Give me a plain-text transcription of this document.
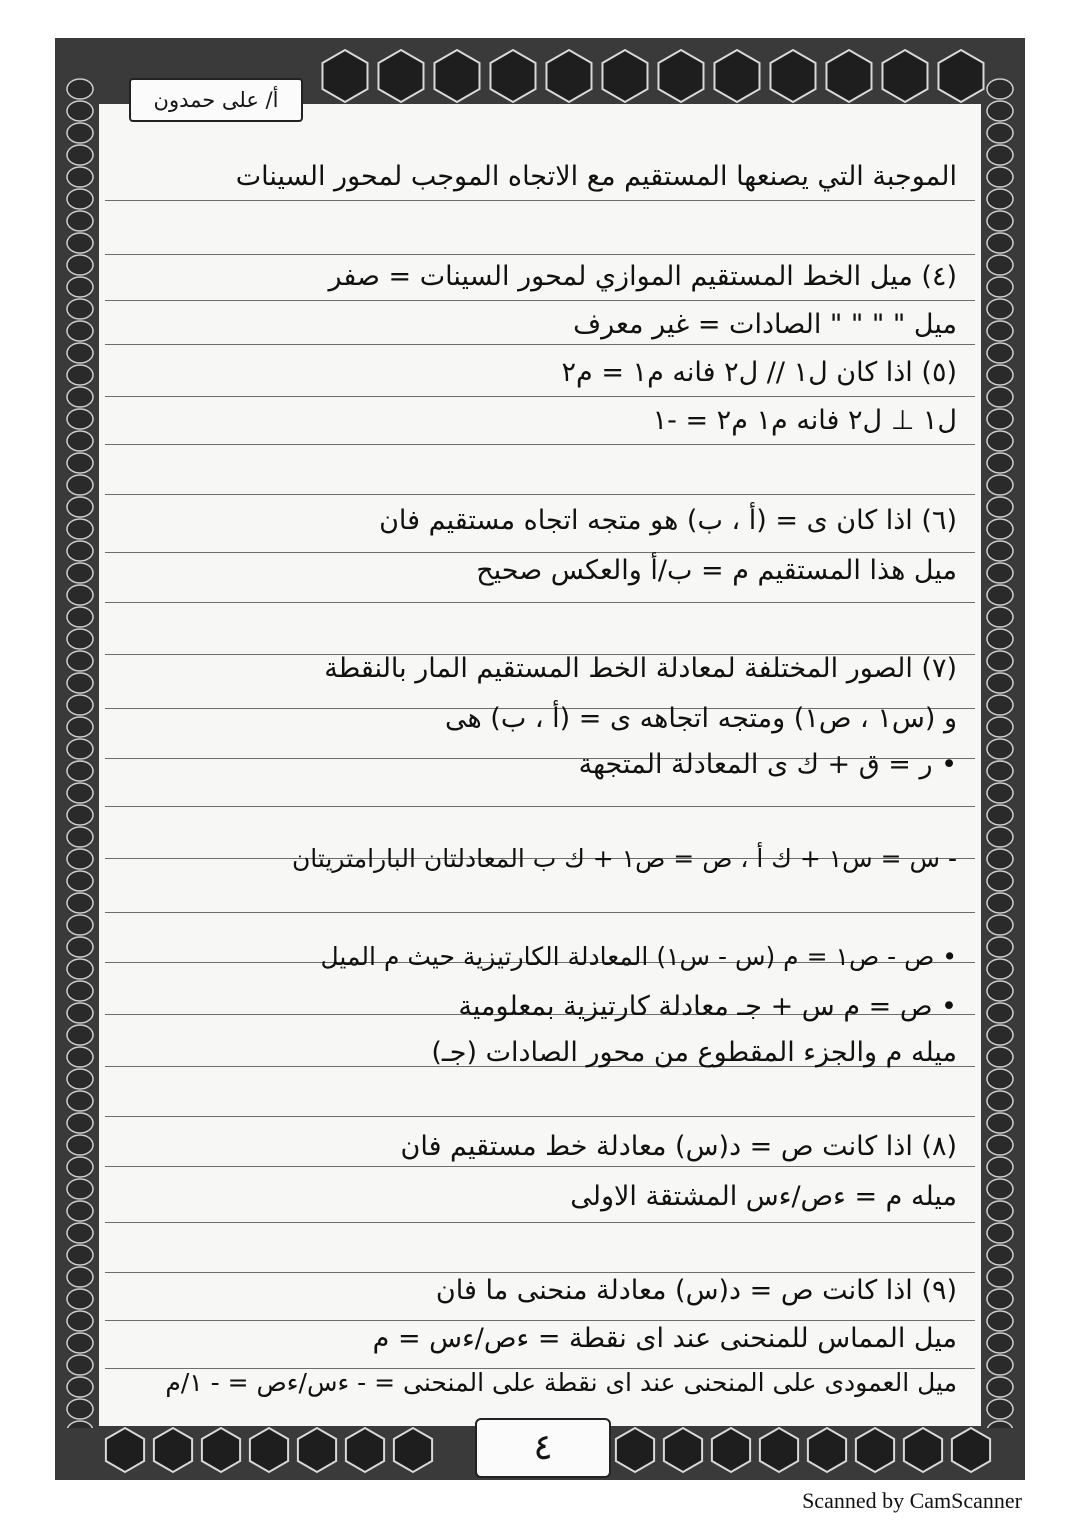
الموجبة التي يصنعها المستقيم مع الاتجاه الموجب لمحور السينات
(٤) ميل الخط المستقيم الموازي لمحور السينات = صفر
ميل " " " " الصادات = غير معرف
(٥) اذا كان ل١ // ل٢ فانه م١ = م٢
ل١ ⊥ ل٢ فانه م١ م٢ = -١
(٦) اذا كان ى = (أ ، ب) هو متجه اتجاه مستقيم فان
ميل هذا المستقيم م = ب/أ والعكس صحيح
(٧) الصور المختلفة لمعادلة الخط المستقيم المار بالنقطة
و (س١ ، ص١) ومتجه اتجاهه ى = (أ ، ب) هى
• ر = ق + ك ى المعادلة المتجهة
- س = س١ + ك أ ، ص = ص١ + ك ب المعادلتان البارامتريتان
• ص - ص١ = م (س - س١) المعادلة الكارتيزية حيث م الميل
• ص = م س + جـ معادلة كارتيزية بمعلومية
ميله م والجزء المقطوع من محور الصادات (جـ)
(٨) اذا كانت ص = د(س) معادلة خط مستقيم فان
ميله م = ءص/ءس المشتقة الاولى
(٩) اذا كانت ص = د(س) معادلة منحنى ما فان
ميل المماس للمنحنى عند اى نقطة = ءص/ءس = م
ميل العمودى على المنحنى عند اى نقطة على المنحنى = - ءس/ءص = - ١/م
أ/ على حمدون
٤
Scanned by CamScanner
